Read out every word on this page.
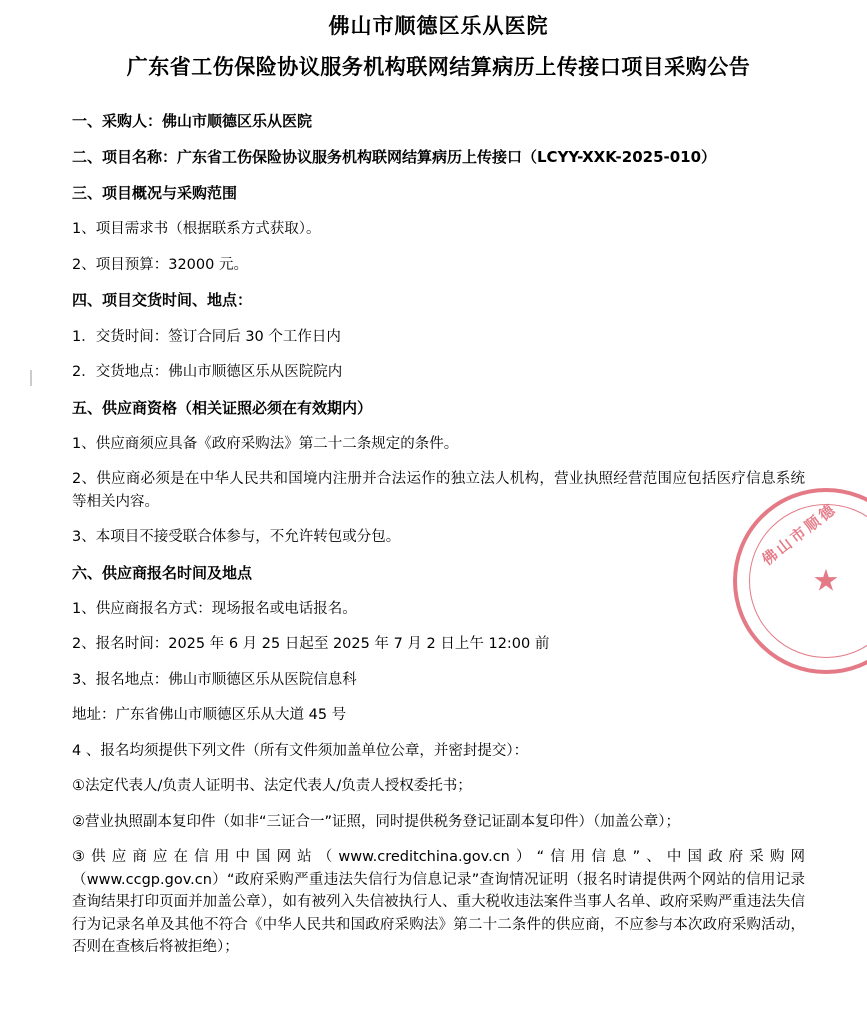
佛山市顺德区乐从医院
广东省工伤保险协议服务机构联网结算病历上传接口项目采购公告

一、采购人：佛山市顺德区乐从医院

二、项目名称：广东省工伤保险协议服务机构联网结算病历上传接口（LCYY-XXK-2025-010）

三、项目概况与采购范围

1、项目需求书（根据联系方式获取）。

2、项目预算：32000 元。

四、项目交货时间、地点：

1．交货时间：签订合同后 30 个工作日内

2．交货地点：佛山市顺德区乐从医院院内

五、供应商资格（相关证照必须在有效期内）

1、供应商须应具备《政府采购法》第二十二条规定的条件。

2、供应商必须是在中华人民共和国境内注册并合法运作的独立法人机构，营业执照经营范围应包括医疗信息系统等相关内容。

3、本项目不接受联合体参与，不允许转包或分包。

六、供应商报名时间及地点

1、供应商报名方式：现场报名或电话报名。

2、报名时间：2025 年 6 月 25 日起至 2025 年 7 月 2 日上午 12:00 前

3、报名地点：佛山市顺德区乐从医院信息科

地址：广东省佛山市顺德区乐从大道 45 号

4 、报名均须提供下列文件（所有文件须加盖单位公章，并密封提交）：

①法定代表人/负责人证明书、法定代表人/负责人授权委托书；

②营业执照副本复印件（如非“三证合一”证照，同时提供税务登记证副本复印件）（加盖公章）；

③供应商应在信用中国网站（www.creditchina.gov.cn）“信用信息”、中国政府采购网（www.ccgp.gov.cn）“政府采购严重违法失信行为信息记录”查询情况证明（报名时请提供两个网站的信用记录查询结果打印页面并加盖公章），如有被列入失信被执行人、重大税收违法案件当事人名单、政府采购严重违法失信行为记录名单及其他不符合《中华人民共和国政府采购法》第二十二条件的供应商，不应参与本次政府采购活动，否则在查核后将被拒绝）；

佛山市顺德
★
